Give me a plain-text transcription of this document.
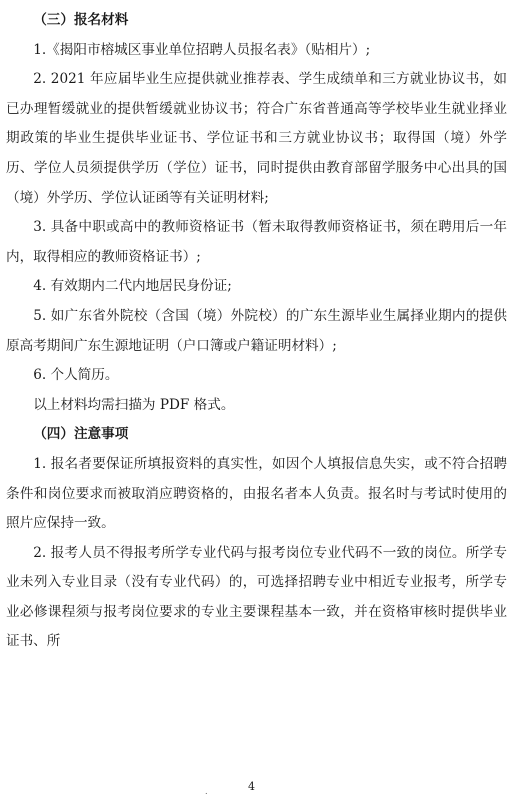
（三）报名材料

1.《揭阳市榕城区事业单位招聘人员报名表》（贴相片）;

2. 2021 年应届毕业生应提供就业推荐表、学生成绩单和三方就业协议书，如已办理暂缓就业的提供暂缓就业协议书；符合广东省普通高等学校毕业生就业择业期政策的毕业生提供毕业证书、学位证书和三方就业协议书；取得国（境）外学历、学位人员须提供学历（学位）证书，同时提供由教育部留学服务中心出具的国（境）外学历、学位认证函等有关证明材料;

3. 具备中职或高中的教师资格证书（暂未取得教师资格证书，须在聘用后一年内，取得相应的教师资格证书）;

4. 有效期内二代内地居民身份证;

5. 如广东省外院校（含国（境）外院校）的广东生源毕业生属择业期内的提供原高考期间广东生源地证明（户口簿或户籍证明材料）;

6. 个人简历。

以上材料均需扫描为 PDF 格式。

（四）注意事项

1. 报名者要保证所填报资料的真实性，如因个人填报信息失实，或不符合招聘条件和岗位要求而被取消应聘资格的，由报名者本人负责。报名时与考试时使用的照片应保持一致。

2. 报考人员不得报考所学专业代码与报考岗位专业代码不一致的岗位。所学专业未列入专业目录（没有专业代码）的，可选择招聘专业中相近专业报考，所学专业必修课程须与报考岗位要求的专业主要课程基本一致，并在资格审核时提供毕业证书、所

.	4
